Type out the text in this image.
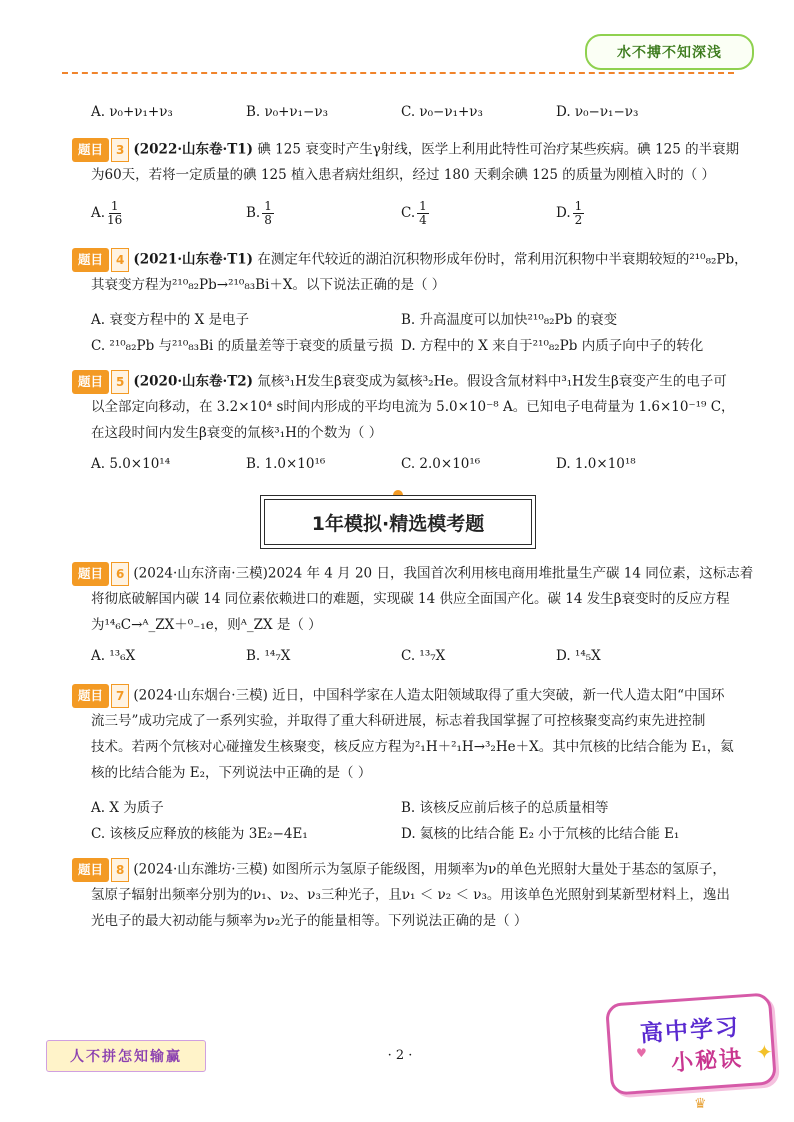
水不搏不知深浅
A. ν₀+ν₁+ν₃	B. ν₀+ν₁−ν₃	C. ν₀−ν₁+ν₃	D. ν₀−ν₁−ν₃
题目 3 (2022·山东卷·T1) 碘 125 衰变时产生γ射线，医学上利用此特性可治疗某些疾病。碘 125 的半衰期
为60天，若将一定质量的碘 125 植入患者病灶组织，经过 180 天剩余碘 125 的质量为刚植入时的（ ）
A. $\frac{1}{16}$	B. $\frac{1}{8}$	C. $\frac{1}{4}$	D. $\frac{1}{2}$
题目 4 (2021·山东卷·T1) 在测定年代较近的湖泊沉积物形成年份时，常利用沉积物中半衰期较短的²¹⁰₈₂Pb，
其衰变方程为²¹⁰₈₂Pb→²¹⁰₈₃Bi＋X。以下说法正确的是（ ）
A. 衰变方程中的 X 是电子	B. 升高温度可以加快²¹⁰₈₂Pb 的衰变
C. ²¹⁰₈₂Pb 与²¹⁰₈₃Bi 的质量差等于衰变的质量亏损 D. 方程中的 X 来自于²¹⁰₈₂Pb 内质子向中子的转化
题目 5 (2020·山东卷·T2) 氚核³₁H发生β衰变成为氦核³₂He。假设含氚材料中³₁H发生β衰变产生的电子可
以全部定向移动，在 3.2×10⁴ s时间内形成的平均电流为 5.0×10⁻⁸ A。已知电子电荷量为 1.6×10⁻¹⁹ C，
在这段时间内发生β衰变的氚核³₁H的个数为（ ）
A. 5.0×10¹⁴	B. 1.0×10¹⁶	C. 2.0×10¹⁶	D. 1.0×10¹⁸
1年模拟·精选模考题
题目 6 (2024·山东济南·三模)2024 年 4 月 20 日，我国首次利用核电商用堆批量生产碳 14 同位素，这标志着
将彻底破解国内碳 14 同位素依赖进口的难题，实现碳 14 供应全面国产化。碳 14 发生β衰变时的反应方程
为¹⁴₆C→ᴬ_ZX＋⁰₋₁e，则ᴬ_ZX 是（ ）
A. ¹³₆X	B. ¹⁴₇X	C. ¹³₇X	D. ¹⁴₅X
题目 7 (2024·山东烟台·三模) 近日，中国科学家在人造太阳领域取得了重大突破，新一代人造太阳“中国环
流三号”成功完成了一系列实验，并取得了重大科研进展，标志着我国掌握了可控核聚变高约束先进控制
技术。若两个氘核对心碰撞发生核聚变，核反应方程为²₁H＋²₁H→³₂He＋X。其中氘核的比结合能为 E₁，氦
核的比结合能为 E₂，下列说法中正确的是（ ）
A. X 为质子	B. 该核反应前后核子的总质量相等
C. 该核反应释放的核能为 3E₂−4E₁	D. 氦核的比结合能 E₂ 小于氘核的比结合能 E₁
题目 8 (2024·山东潍坊·三模) 如图所示为氢原子能级图，用频率为ν的单色光照射大量处于基态的氢原子，
氢原子辐射出频率分别为的ν₁、ν₂、ν₃三种光子，且ν₁ ＜ ν₂ ＜ ν₃。用该单色光照射到某新型材料上，逸出
光电子的最大初动能与频率为ν₂光子的能量相等。下列说法正确的是（ ）
人不拼怎知输赢	· 2 ·
高中学习
小秘诀
♥	✦
♛
